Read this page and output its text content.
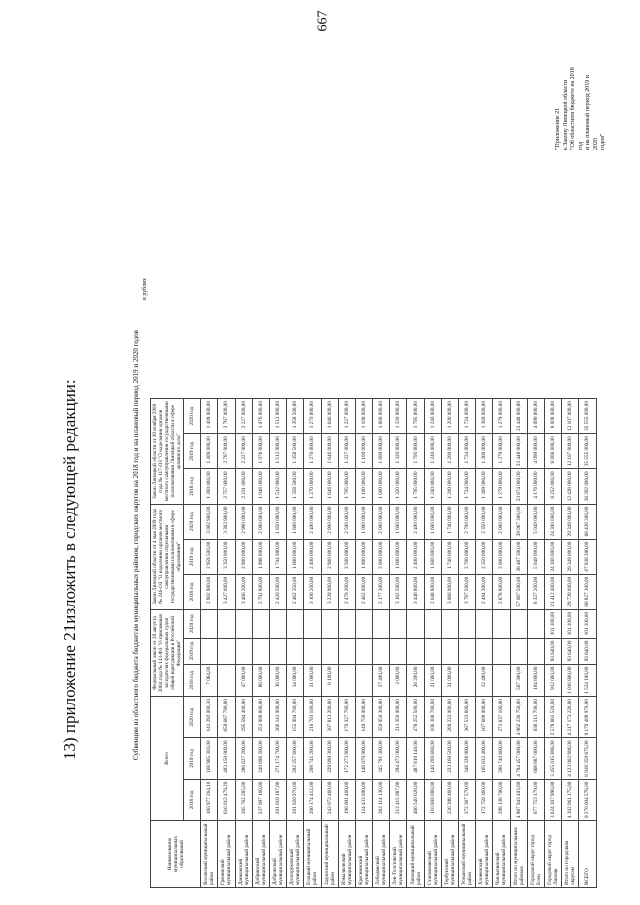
667
13) приложение 21изложить в следующей редакции:
"Приложение 21 к Закону Липецкой области "Об областном бюджете на 2018 год и на плановый период 2019 и 2020 годов"
Субвенции из областного бюджета бюджетам муниципальных районов, городских округов на 2018 год и на плановый период 2019 и 2020 годов
в рублях
Наименование муниципальных образований	Всего			Федеральный закон от 20 августа 2004 года № 113-ФЗ "О присяжных заседателях федеральных судов общей юрисдикции в Российской Федерации"			Закон Липецкой области от 4 мая 2009 года № 246-ОЗ "О наделении органов местного самоуправления отдельными государственными полномочиями в сфере образования"			Закон Липецкой области от 30 ноября 2000 года № 117-ОЗ "О наделении органов местного самоуправления государственными полномочиями Липецкой области в сфере архивного дела"		
	2018 год	2019 год	2020 год	2018 год	2019 год	2020 год	2018 год	2019 год	2020 год	2018 год	2019 год	2020 год
Воловский муниципальный район	160 977 264,10	168 985 303,00	141 292 000,10	7 064,00			2 902 900,00	2 959 500,00	3 002 900,00	1 300 000,00	1 409 000,00	1 409 000,00
Грязинский муниципальный район	616 012 479,20	403 150 060,00	659 667 790,00				3 427 600,00	3 350 900,00	3 383 900,00	2 757 000,00	2 787 000,00	2 787 000,00
Данковский муниципальный район	265 762 285,00	286 627 200,00	295 594 400,00	47 000,00			3 466 200,00	2 900 000,00	2 980 000,00	2 231 000,00	2 227 000,00	2 227 000,00
Добринский муниципальный район	237 097 166,00	240 896 200,00	251 000 800,00	86 000,00			2 792 800,00	1 998 800,00	2 000 600,00	1 048 000,00	1 076 000,00	1 076 000,00
Добровский муниципальный район	201 019 187,00	271 174 700,00	266 141 000,00	36 000,00			2 420 500,00	1 744 000,00	1 850 000,00	1 512 000,00	1 512 000,00	1 512 000,00
Долгоруковский муниципальный район	201 020 970,00	202 257 600,00	155 004 700,00	14 000,00			2 462 350,00	1 600 000,00	1 600 000,00	1 358 500,00	1 358 500,00	1 358 500,00
Елецкий муниципальный район	206 174 412,00	208 741 200,00	216 703 100,00	31 000,00			3 100 200,00	2 400 000,00	2 400 000,00	1 270 000,00	1 270 000,00	1 270 000,00
Задонский муниципальный район	243 072 460,00	229 890 300,00	307 813 200,00	8 100,00			3 239 900,00	2 900 000,00	2 900 000,00	1 646 000,00	1 646 000,00	1 646 000,00
Измалковский муниципальный район	190 091 460,00	172 273 900,00	170 327 700,00				2 470 200,00	2 500 000,00	2 500 000,00	1 705 000,00	1 227 000,00	1 227 000,00
Краснинский муниципальный район	124 433 000,00	148 079 900,00	140 759 000,00				2 462 000,00	1 000 000,00	1 000 000,00	1 100 000,00	1 100 000,00	1 100 000,00
Лебедянский муниципальный район	262 114 136,00	345 791 300,00	359 050 300,00	27 400,00			2 177 300,00	2 000 000,00	2 000 000,00	1 600 000,00	1 600 000,00	1 600 000,00
Лев-Толстовский муниципальный район	212 415 087,00	294 473 000,00	211 350 000,00	3 000,00			3 162 500,00	1 600 000,00	1 600 000,00	1 320 000,00	1 320 000,00	1 320 000,00
Липецкий муниципальный район	466 540 028,00	487 810 140,00	478 252 500,00	26 200,00			3 446 800,00	2 400 000,00	2 400 000,00	1 795 000,00	1 795 000,00	1 795 000,00
Становлянский муниципальный район	110 000 088,00	140 200 600,00	106 300 700,00	21 000,00			2 048 800,00	1 600 000,00	1 600 000,00	1 240 000,00	1 240 000,00	1 240 000,00
Тербунский муниципальный район	226 398 460,00	233 160 500,00	280 222 000,00	31 000,00			3 080 000,00	1 740 000,00	1 740 000,00	1 200 000,00	1 200 000,00	1 200 000,00
Усманский муниципальный район	372 367 579,00	348 328 900,00	367 533 600,00				3 787 500,00	2 700 000,00	2 700 000,00	1 724 000,00	1 724 000,00	1 724 000,00
Хлевенский муниципальный район	172 759 360,00	165 832 400,00	167 600 000,00	12 400,00			2 494 300,00	2 350 000,00	2 350 000,00	1 369 000,00	1 369 000,00	1 369 000,00
Чаплыгинский муниципальный район	298 138 706,00	200 740 800,00	271 837 100,00				2 878 800,00	2 000 000,00	2 000 000,00	1 279 000,00	1 279 000,00	1 279 000,00
Итого по муниципальным районам	4 967 943 403,00	4 794 457 069,00	4 962 236 750,00	507 300,00			57 087 500,00	38 487 300,00	39 087 300,00	23 874 000,00	23 448 000,00	23 448 000,00
Городской округ город Елец	677 753 179,00	668 887 000,00	638 511 700,00	104 800,00			8 327 200,00	5 049 000,00	5 049 000,00	4 176 000,00	4 099 000,00	4 099 000,00
Городской округ город Липецк	3 624 307 996,00	3 455 015 806,00	3 578 661 520,00	912 000,00	93 640,00	101 100,00	21 412 400,00	24 300 000,00	24 300 000,00	8 252 000,00	8 008 000,00	8 008 000,00
Итого по городским округам	4 302 061 175,00	4 123 902 806,00	4 217 173 220,00	1 016 800,00	93 640,00	101 100,00	29 739 600,00	29 349 000,00	29 349 000,00	12 428 000,00	12 107 000,00	12 107 000,00
ВСЕГО	9 270 004 578,00	8 918 359 875,00	9 179 409 970,00	1 524 100,00	93 640,00	101 100,00	86 827 100,00	67 836 300,00	68 436 300,00	36 302 000,00	35 555 000,00	35 555 000,00
